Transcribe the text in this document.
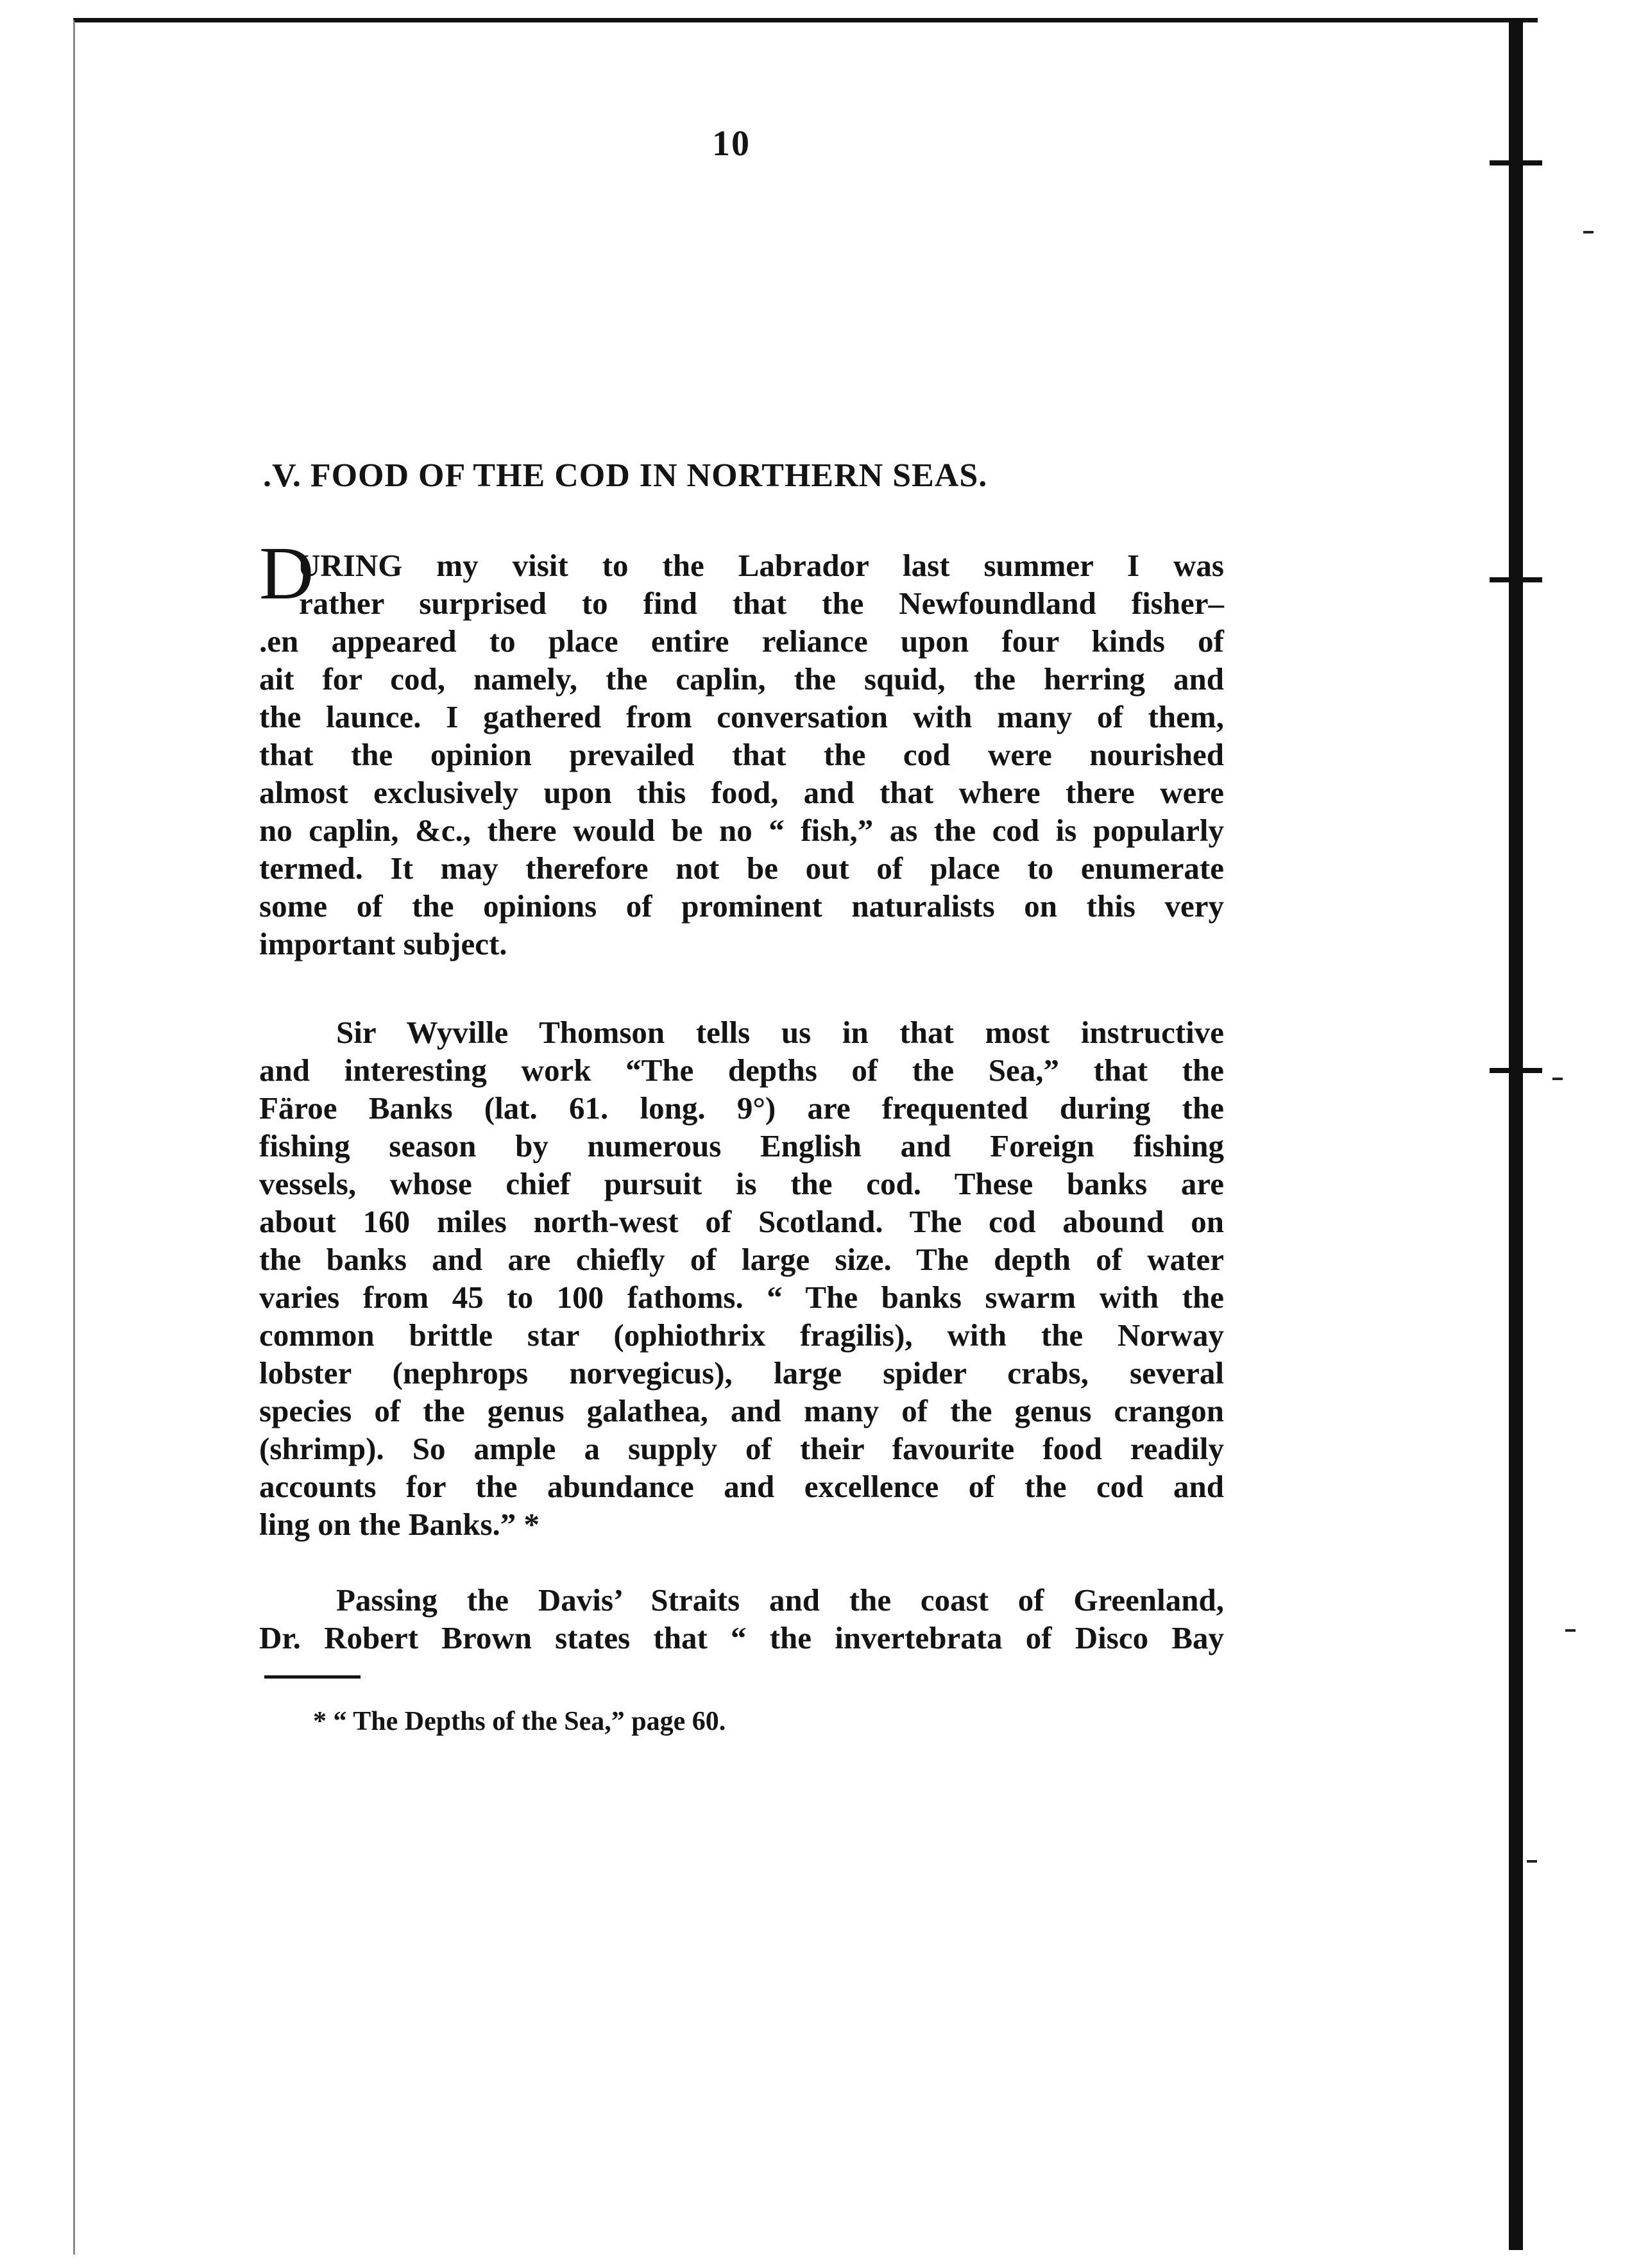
10
.V. FOOD OF THE COD IN NORTHERN SEAS.
DURING my visit to the Labrador last summer I was
rather surprised to find that the Newfoundland fisher–
.en appeared to place entire reliance upon four kinds of
ait for cod, namely, the caplin, the squid, the herring and
the launce. I gathered from conversation with many of them,
that the opinion prevailed that the cod were nourished
almost exclusively upon this food, and that where there were
no caplin, &c., there would be no “ fish,” as the cod is popularly
termed. It may therefore not be out of place to enumerate
some of the opinions of prominent naturalists on this very
important subject.
Sir Wyville Thomson tells us in that most instructive
and interesting work “The depths of the Sea,” that the
Färoe Banks (lat. 61. long. 9°) are frequented during the
fishing season by numerous English and Foreign fishing
vessels, whose chief pursuit is the cod. These banks are
about 160 miles north-west of Scotland. The cod abound on
the banks and are chiefly of large size. The depth of water
varies from 45 to 100 fathoms. “ The banks swarm with the
common brittle star (ophiothrix fragilis), with the Norway
lobster (nephrops norvegicus), large spider crabs, several
species of the genus galathea, and many of the genus crangon
(shrimp). So ample a supply of their favourite food readily
accounts for the abundance and excellence of the cod and
ling on the Banks.” *
Passing the Davis’ Straits and the coast of Greenland,
Dr. Robert Brown states that “ the invertebrata of Disco Bay

* “ The Depths of the Sea,” page 60.
